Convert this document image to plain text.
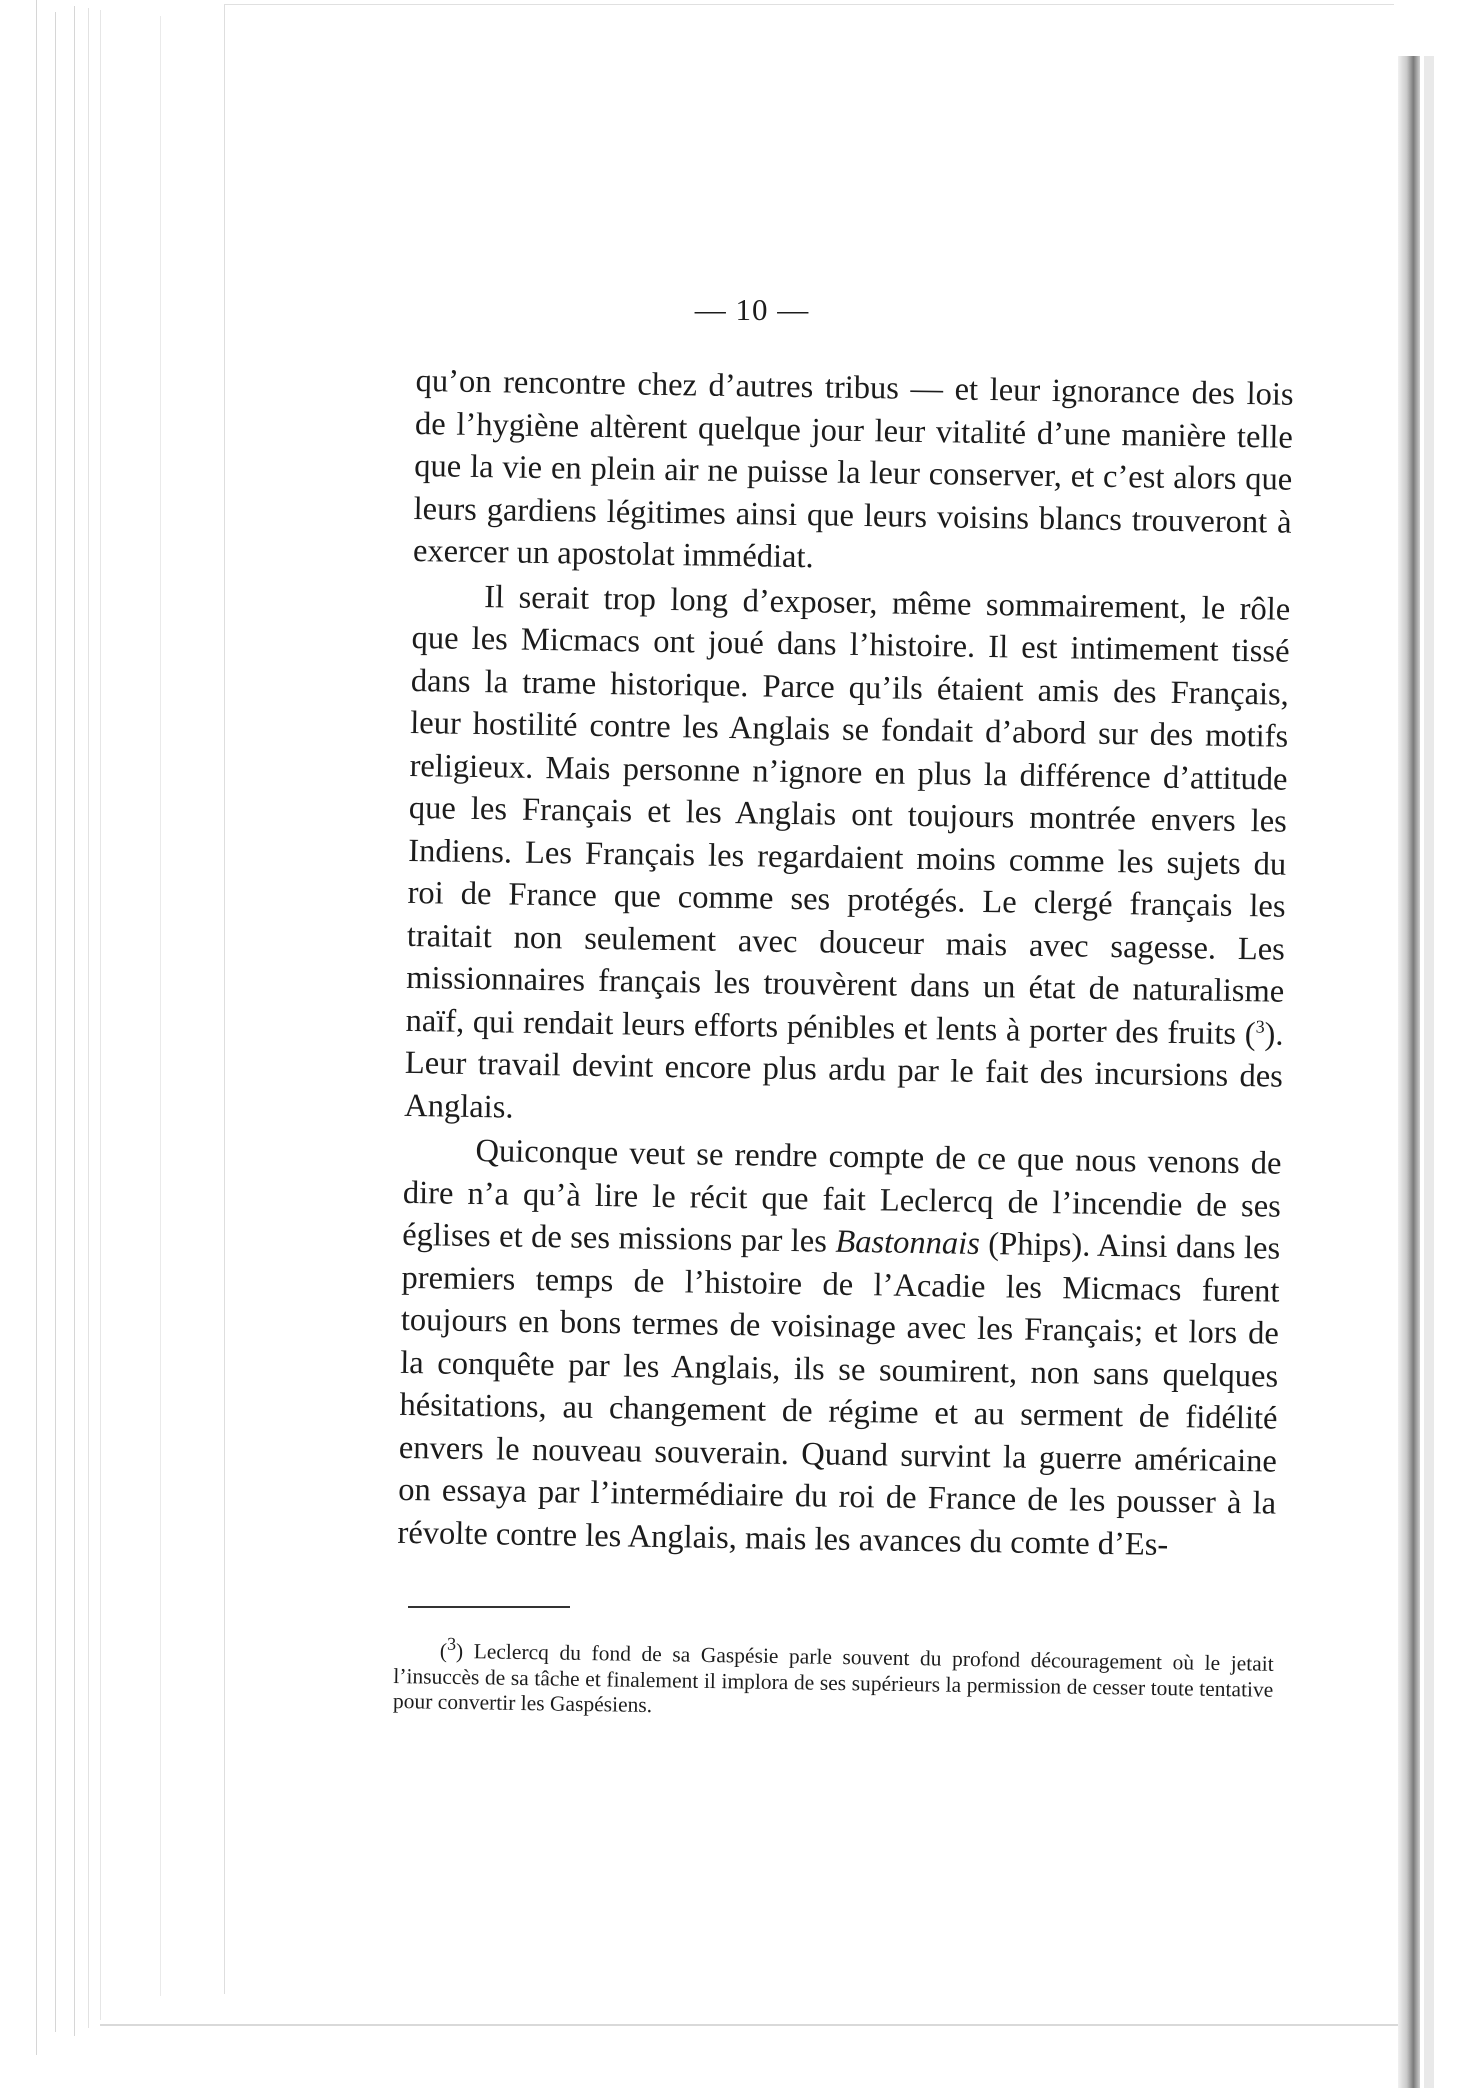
— 10 —

qu’on rencontre chez d’autres tribus — et leur ignorance des lois de l’hygiène altèrent quelque jour leur vitalité d’une manière telle que la vie en plein air ne puisse la leur conserver, et c’est alors que leurs gardiens légitimes ainsi que leurs voisins blancs trouveront à exercer un apostolat immédiat.

Il serait trop long d’exposer, même sommairement, le rôle que les Micmacs ont joué dans l’histoire. Il est intimement tissé dans la trame historique. Parce qu’ils étaient amis des Français, leur hostilité contre les Anglais se fondait d’abord sur des motifs religieux. Mais personne n’ignore en plus la différence d’attitude que les Français et les Anglais ont toujours montrée envers les Indiens. Les Français les regardaient moins comme les sujets du roi de France que comme ses protégés. Le clergé français les traitait non seulement avec douceur mais avec sagesse. Les missionnaires français les trouvèrent dans un état de naturalisme naïf, qui rendait leurs efforts pénibles et lents à porter des fruits ($^3$). Leur travail devint encore plus ardu par le fait des incursions des Anglais.

Quiconque veut se rendre compte de ce que nous venons de dire n’a qu’à lire le récit que fait Leclercq de l’incendie de ses églises et de ses missions par les Bastonnais (Phips). Ainsi dans les premiers temps de l’histoire de l’Acadie les Micmacs furent toujours en bons termes de voisinage avec les Français; et lors de la conquête par les Anglais, ils se soumirent, non sans quelques hésitations, au changement de régime et au serment de fidélité envers le nouveau souverain. Quand survint la guerre américaine on essaya par l’intermédiaire du roi de France de les pousser à la révolte contre les Anglais, mais les avances du comte d’Es-

($^3$) Leclercq du fond de sa Gaspésie parle souvent du profond découragement où le jetait l’insuccès de sa tâche et finalement il implora de ses supérieurs la permission de cesser toute tentative pour convertir les Gaspésiens.
